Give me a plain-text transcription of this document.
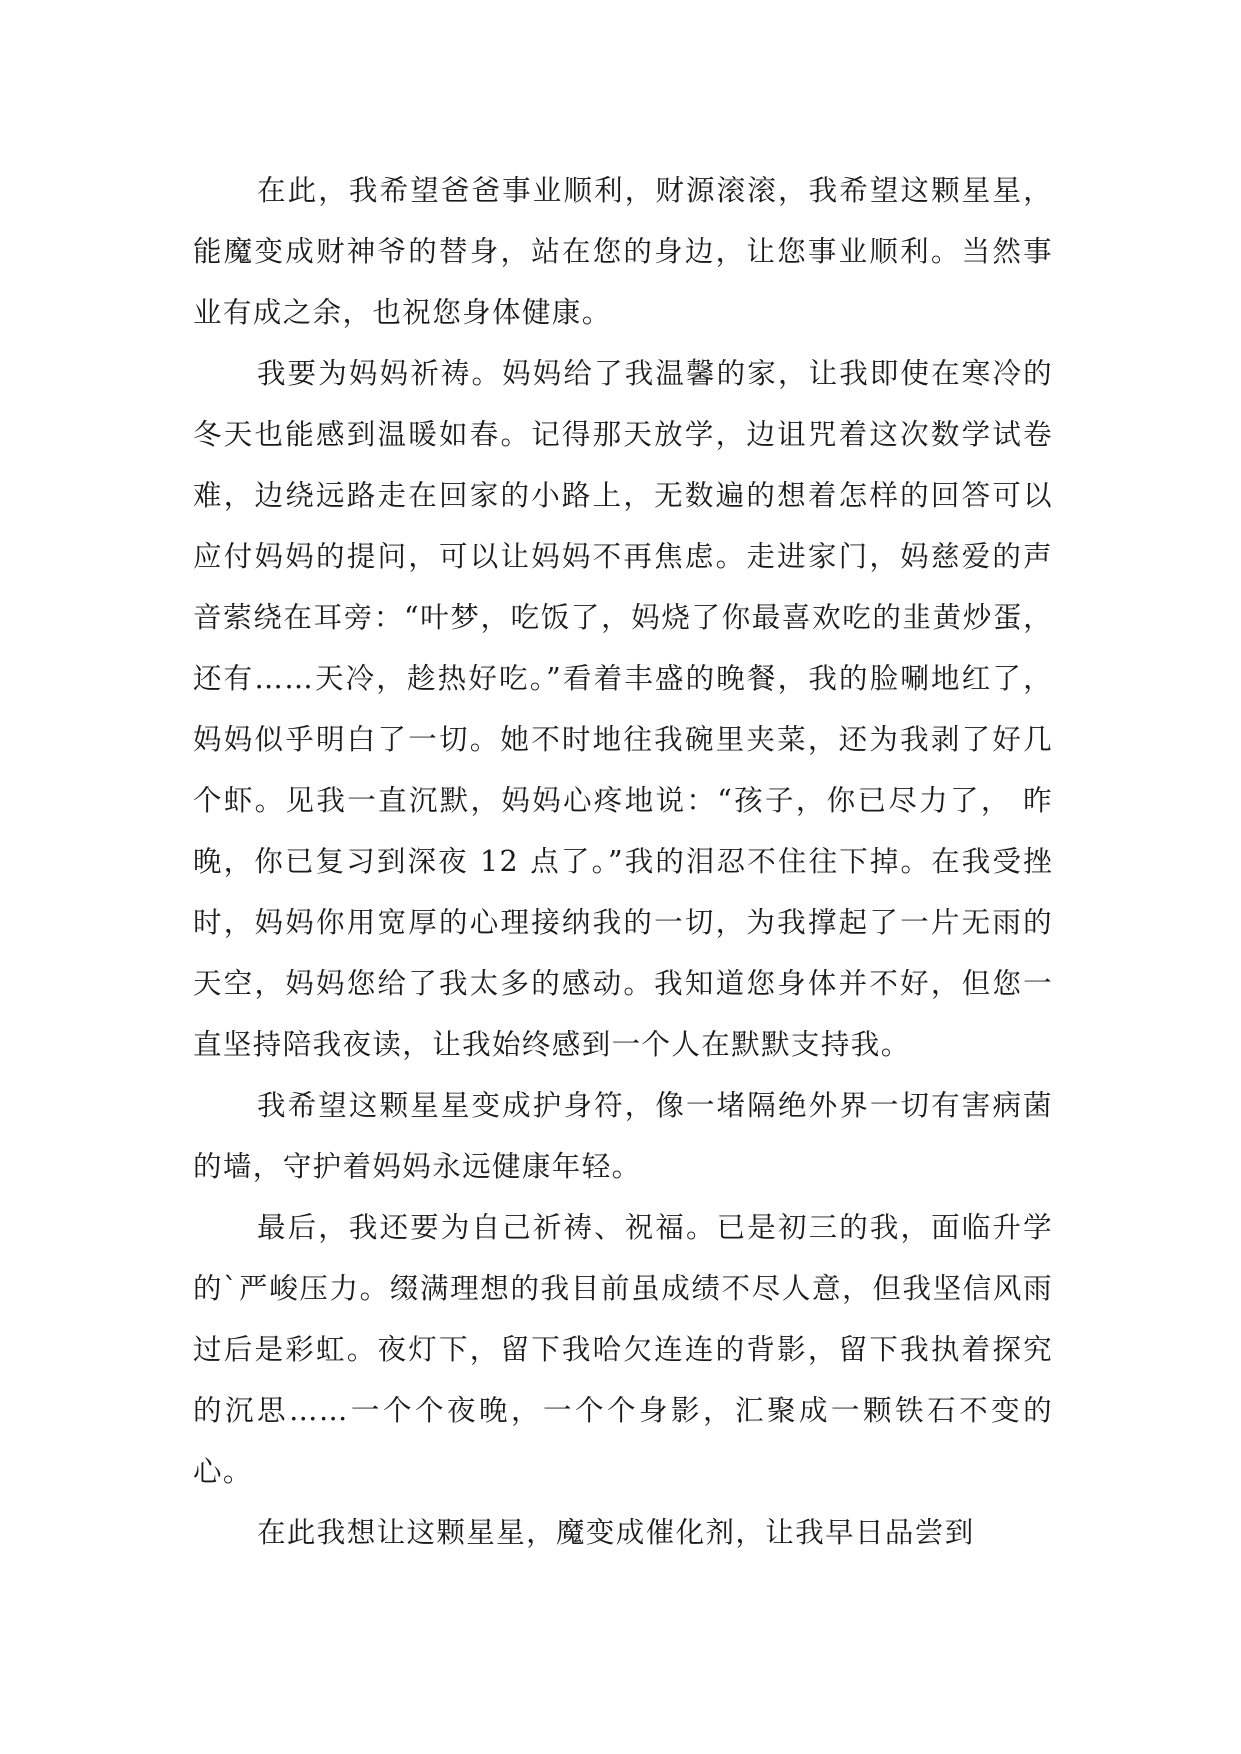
在此，我希望爸爸事业顺利，财源滚滚，我希望这颗星星，能魔变成财神爷的替身，站在您的身边，让您事业顺利。当然事业有成之余，也祝您身体健康。

我要为妈妈祈祷。妈妈给了我温馨的家，让我即使在寒冷的冬天也能感到温暖如春。记得那天放学，边诅咒着这次数学试卷难，边绕远路走在回家的小路上，无数遍的想着怎样的回答可以应付妈妈的提问，可以让妈妈不再焦虑。走进家门，妈慈爱的声音萦绕在耳旁：“叶梦，吃饭了，妈烧了你最喜欢吃的韭黄炒蛋，还有……天冷，趁热好吃。”看着丰盛的晚餐，我的脸唰地红了，妈妈似乎明白了一切。她不时地往我碗里夹菜，还为我剥了好几个虾。见我一直沉默，妈妈心疼地说：“孩子，你已尽力了， 昨晚，你已复习到深夜 12 点了。”我的泪忍不住往下掉。在我受挫时，妈妈你用宽厚的心理接纳我的一切，为我撑起了一片无雨的天空，妈妈您给了我太多的感动。我知道您身体并不好，但您一直坚持陪我夜读，让我始终感到一个人在默默支持我。

我希望这颗星星变成护身符，像一堵隔绝外界一切有害病菌的墙，守护着妈妈永远健康年轻。

最后，我还要为自己祈祷、祝福。已是初三的我，面临升学的`严峻压力。缀满理想的我目前虽成绩不尽人意，但我坚信风雨过后是彩虹。夜灯下，留下我哈欠连连的背影，留下我执着探究的沉思……一个个夜晚，一个个身影，汇聚成一颗铁石不变的心。

在此我想让这颗星星，魔变成催化剂，让我早日品尝到
